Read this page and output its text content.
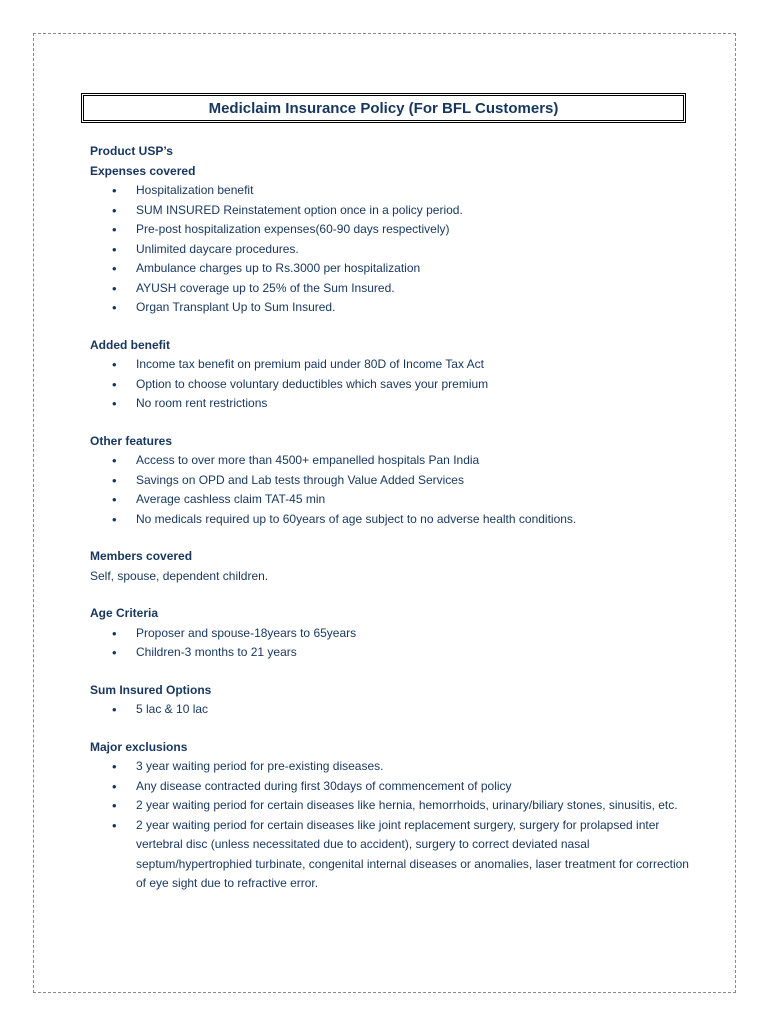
Mediclaim Insurance Policy (For BFL Customers)
Product USP’s
Expenses covered
• Hospitalization benefit
• SUM INSURED Reinstatement option once in a policy period.
• Pre-post hospitalization expenses(60-90 days respectively)
• Unlimited daycare procedures.
• Ambulance charges up to Rs.3000 per hospitalization
• AYUSH coverage up to 25% of the Sum Insured.
• Organ Transplant Up to Sum Insured.
Added benefit
• Income tax benefit on premium paid under 80D of Income Tax Act
• Option to choose voluntary deductibles which saves your premium
• No room rent restrictions
Other features
• Access to over more than 4500+ empanelled hospitals Pan India
• Savings on OPD and Lab tests through Value Added Services
• Average cashless claim TAT-45 min
• No medicals required up to 60years of age subject to no adverse health conditions.
Members covered
Self, spouse, dependent children.
Age Criteria
• Proposer and spouse-18years to 65years
• Children-3 months to 21 years
Sum Insured Options
• 5 lac & 10 lac
Major exclusions
• 3 year waiting period for pre-existing diseases.
• Any disease contracted during first 30days of commencement of policy
• 2 year waiting period for certain diseases like hernia, hemorrhoids, urinary/biliary stones, sinusitis, etc.
• 2 year waiting period for certain diseases like joint replacement surgery, surgery for prolapsed inter vertebral disc (unless necessitated due to accident), surgery to correct deviated nasal septum/hypertrophied turbinate, congenital internal diseases or anomalies, laser treatment for correction of eye sight due to refractive error.
